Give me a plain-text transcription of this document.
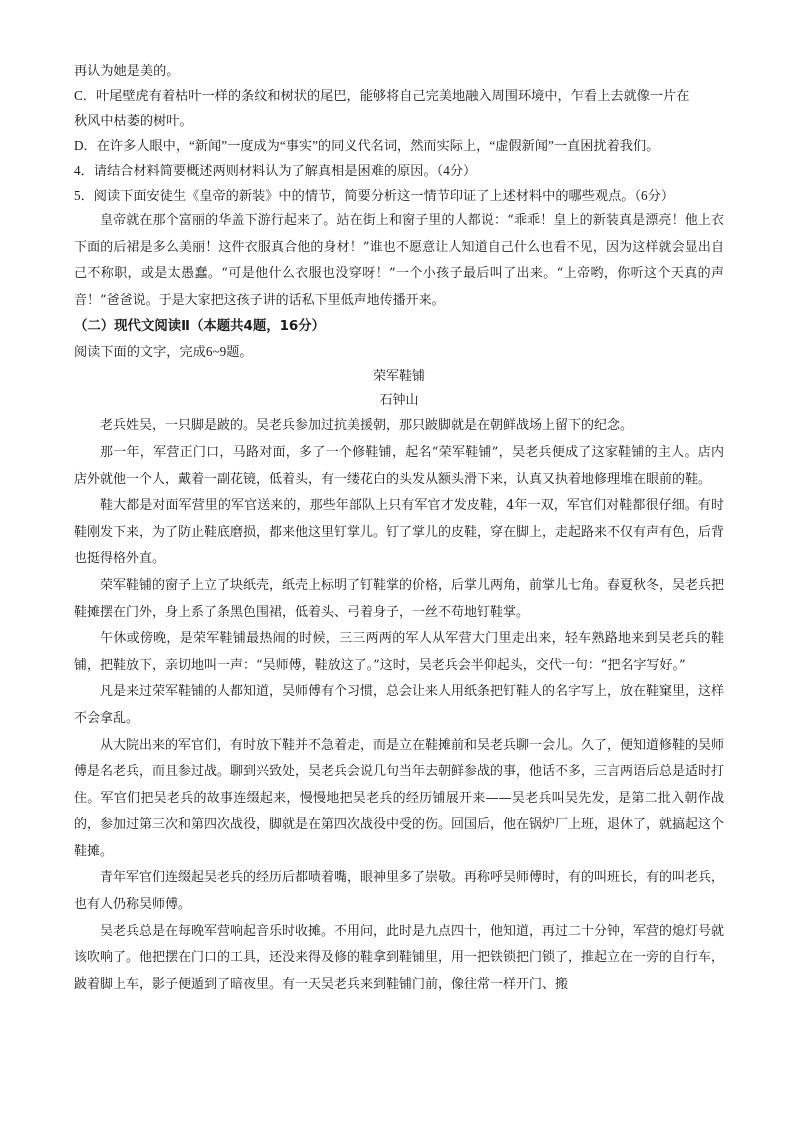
再认为她是美的。

C．叶尾壁虎有着枯叶一样的条纹和树状的尾巴，能够将自己完美地融入周围环境中，乍看上去就像一片在

秋风中枯萎的树叶。

D．在许多人眼中，“新闻”一度成为“事实”的同义代名词，然而实际上，“虚假新闻”一直困扰着我们。

4．请结合材料简要概述两则材料认为了解真相是困难的原因。（4分）

5．阅读下面安徒生《皇帝的新装》中的情节，简要分析这一情节印证了上述材料中的哪些观点。（6分）

皇帝就在那个富丽的华盖下游行起来了。站在街上和窗子里的人都说：“乖乖！皇上的新装真是漂亮！他上衣下面的后裙是多么美丽！这件衣服真合他的身材！”谁也不愿意让人知道自己什么也看不见，因为这样就会显出自己不称职，或是太愚蠢。“可是他什么衣服也没穿呀！”一个小孩子最后叫了出来。“上帝哟，你听这个天真的声音！”爸爸说。于是大家把这孩子讲的话私下里低声地传播开来。

（二）现代文阅读Ⅱ（本题共4题，16分）

阅读下面的文字，完成6~9题。

荣军鞋铺

石钟山

老兵姓吴，一只脚是跛的。吴老兵参加过抗美援朝，那只跛脚就是在朝鲜战场上留下的纪念。

那一年，军营正门口，马路对面，多了一个修鞋铺，起名“荣军鞋铺”，吴老兵便成了这家鞋铺的主人。店内店外就他一个人，戴着一副花镜，低着头，有一缕花白的头发从额头滑下来，认真又执着地修理堆在眼前的鞋。

鞋大都是对面军营里的军官送来的，那些年部队上只有军官才发皮鞋，4年一双，军官们对鞋都很仔细。有时鞋刚发下来，为了防止鞋底磨损，都来他这里钉掌儿。钉了掌儿的皮鞋，穿在脚上，走起路来不仅有声有色，后背也挺得格外直。

荣军鞋铺的窗子上立了块纸壳，纸壳上标明了钉鞋掌的价格，后掌儿两角，前掌儿七角。春夏秋冬，吴老兵把鞋摊摆在门外，身上系了条黑色围裙，低着头、弓着身子，一丝不苟地钉鞋掌。

午休或傍晚，是荣军鞋铺最热闹的时候，三三两两的军人从军营大门里走出来，轻车熟路地来到吴老兵的鞋铺，把鞋放下，亲切地叫一声：“吴师傅，鞋放这了。”这时，吴老兵会半仰起头，交代一句：“把名字写好。”

凡是来过荣军鞋铺的人都知道，吴师傅有个习惯，总会让来人用纸条把钉鞋人的名字写上，放在鞋窠里，这样不会拿乱。

从大院出来的军官们，有时放下鞋并不急着走，而是立在鞋摊前和吴老兵聊一会儿。久了，便知道修鞋的吴师傅是名老兵，而且参过战。聊到兴致处，吴老兵会说几句当年去朝鲜参战的事，他话不多，三言两语后总是适时打住。军官们把吴老兵的故事连缀起来，慢慢地把吴老兵的经历铺展开来——吴老兵叫吴先发，是第二批入朝作战的，参加过第三次和第四次战役，脚就是在第四次战役中受的伤。回国后，他在锅炉厂上班，退休了，就搞起这个鞋摊。

青年军官们连缀起吴老兵的经历后都啧着嘴，眼神里多了崇敬。再称呼吴师傅时，有的叫班长，有的叫老兵，也有人仍称吴师傅。

吴老兵总是在每晚军营响起音乐时收摊。不用问，此时是九点四十，他知道，再过二十分钟，军营的熄灯号就该吹响了。他把摆在门口的工具，还没来得及修的鞋拿到鞋铺里，用一把铁锁把门锁了，推起立在一旁的自行车，跛着脚上车，影子便遁到了暗夜里。有一天吴老兵来到鞋铺门前，像往常一样开门、搬
